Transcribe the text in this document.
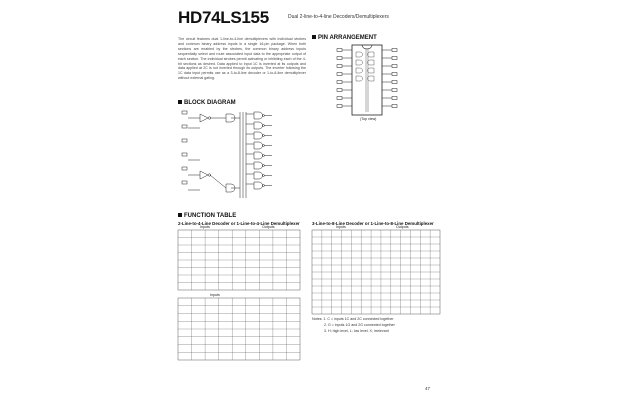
HD74LS155	Dual 2-line-to-4-line Decoders/Demultiplexers
The circuit features dual 1-line-to-4-line demultiplexers with individual strobes and common binary address inputs in a single 16-pin package. When both sections are enabled by the strobes, the common binary address inputs sequentially select and route associated input data to the appropriate output of each section. The individual strobes permit activating or inhibiting each of the 4-bit sections as desired. Data applied to input 1C is inverted at its outputs and data applied at 2C is not inverted through its outputs. The inverter following the 1C data input permits use as a 3-to-8-line decoder or 1-to-8-line demultiplexer without external gating.
PIN ARRANGEMENT
BLOCK DIAGRAM
FUNCTION TABLE
2-Line-to-4-Line Decoder or 1-Line-to-4-Line Demultiplexer	3-Line-to-8-Line Decoder or 1-Line-to-8-Line Demultiplexer
Notes: 1. C = inputs 1C and 2C connected together
2. G = inputs 1G and 2G connected together
3. H; high level, L; low level, X; irrelevant
47
(Top view)
Inputs	Outputs
Inputs
Inputs	Outputs
